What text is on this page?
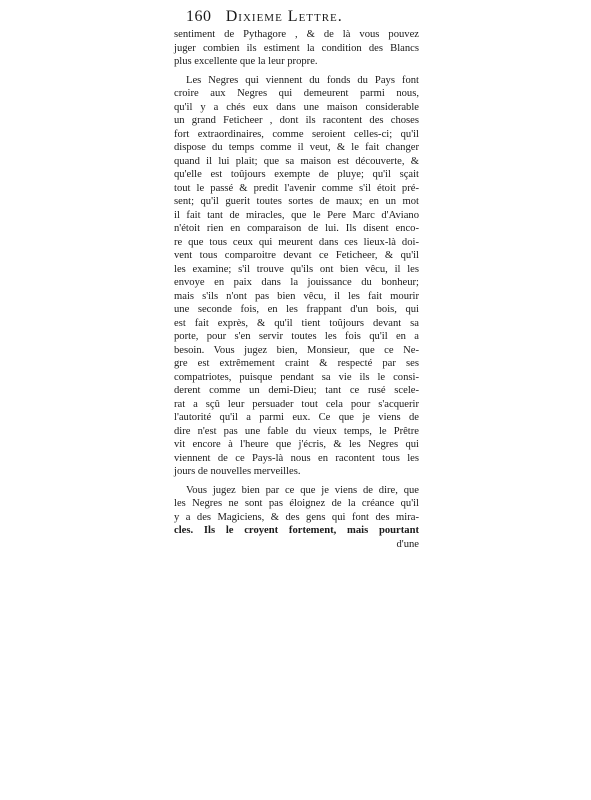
160 Dixieme Lettre.
sentiment de Pythagore , & de là vous pouvez
juger combien ils estiment la condition des Blancs
plus excellente que la leur propre.
Les Negres qui viennent du fonds du Pays font
croire aux Negres qui demeurent parmi nous,
qu'il y a chés eux dans une maison considerable
un grand Fetichеer , dont ils racontent des choses
fort extraordinaires, comme seroient celles-ci; qu'il
dispose du temps comme il veut, & le fait changer
quand il lui plait; que sa maison est découverte, &
qu'elle est toûjours exempte de pluye; qu'il sçait
tout le passé & predit l'avenir comme s'il étoit pré-
sent; qu'il guerit toutes sortes de maux; en un mot
il fait tant de miracles, que le Pere Marc d'Aviano
n'étoit rien en comparaison de lui. Ils disent enco-
re que tous ceux qui meurent dans ces lieux-là doi-
vent tous comparoitre devant ce Fetichеer, & qu'il
les examine; s'il trouve qu'ils ont bien vêcu, il les
envoye en paix dans la jouissance du bonheur;
mais s'ils n'ont pas bien vêcu, il les fait mourir
une seconde fois, en les frappant d'un bois, qui
est fait exprès, & qu'il tient toûjours devant sa
porte, pour s'en servir toutes les fois qu'il en a
besoin. Vous jugez bien, Monsieur, que ce Ne-
gre est extrêmement craint & respecté par ses
compatriotes, puisque pendant sa vie ils le consi-
derent comme un demi-Dieu; tant ce rusé scele-
rat a sçû leur persuader tout cela pour s'acquerir
l'autorité qu'il a parmi eux. Ce que je viens de
dire n'est pas une fable du vieux temps, le Prêtre
vit encore à l'heure que j'écris, & les Negres qui
viennent de ce Pays-là nous en racontent tous les
jours de nouvelles merveilles.
Vous jugez bien par ce que je viens de dire, que
les Negres ne sont pas éloignez de la créance qu'il
y a des Magiciens, & des gens qui font des mira-
cles. Ils le croyent fortement, mais pourtant
d'une
